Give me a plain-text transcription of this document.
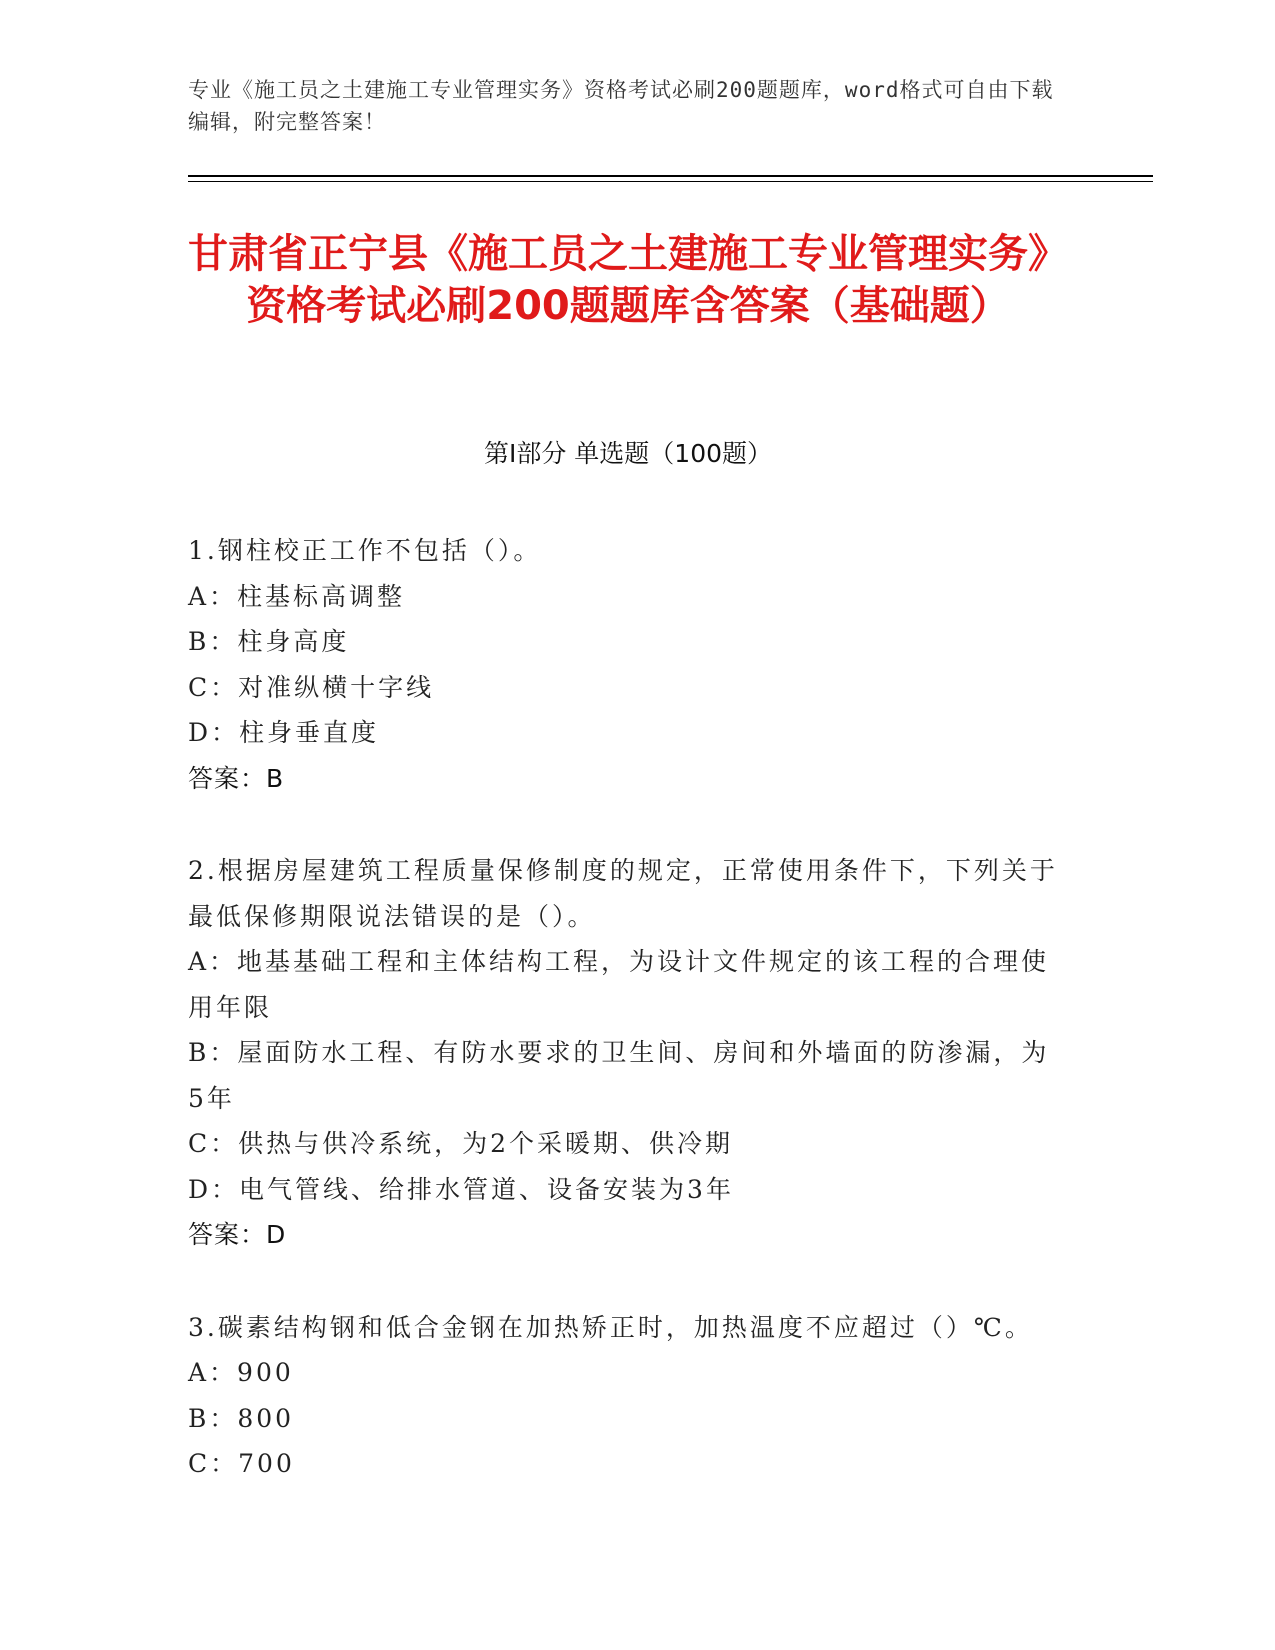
专业《施工员之土建施工专业管理实务》资格考试必刷200题题库，word格式可自由下载编辑，附完整答案！
甘肃省正宁县《施工员之土建施工专业管理实务》资格考试必刷200题题库含答案（基础题）
第I部分 单选题（100题）
1.钢柱校正工作不包括（）。
A：柱基标高调整
B：柱身高度
C：对准纵横十字线
D：柱身垂直度
答案：B
2.根据房屋建筑工程质量保修制度的规定，正常使用条件下，下列关于最低保修期限说法错误的是（）。
A：地基基础工程和主体结构工程，为设计文件规定的该工程的合理使用年限
B：屋面防水工程、有防水要求的卫生间、房间和外墙面的防渗漏，为5年
C：供热与供冷系统，为2个采暖期、供冷期
D：电气管线、给排水管道、设备安装为3年
答案：D
3.碳素结构钢和低合金钢在加热矫正时，加热温度不应超过（）℃。
A：900
B：800
C：700
